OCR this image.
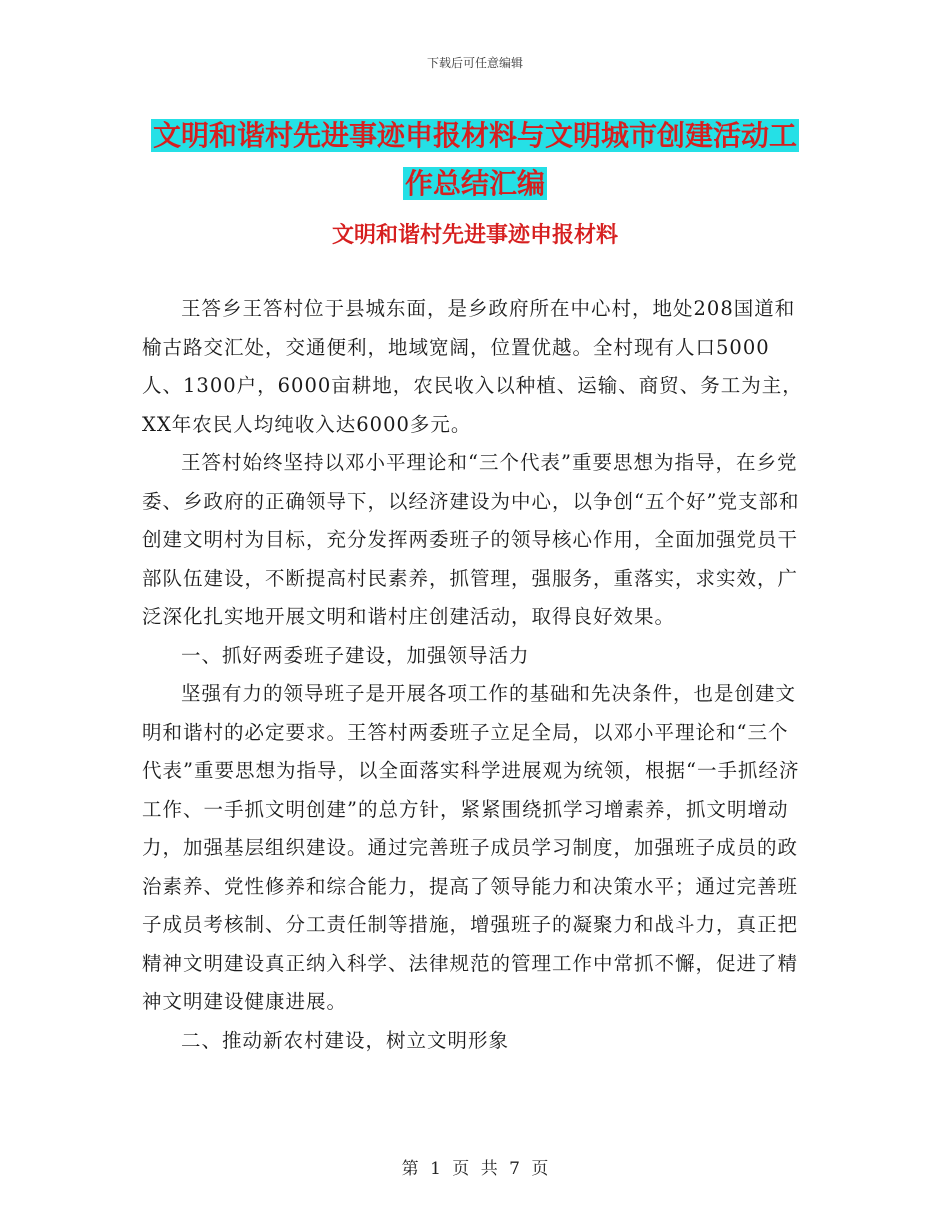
下载后可任意编辑
文明和谐村先进事迹申报材料与文明城市创建活动工
作总结汇编
文明和谐村先进事迹申报材料

王答乡王答村位于县城东面，是乡政府所在中心村，地处208国道和榆古路交汇处，交通便利，地域宽阔，位置优越。全村现有人口5000人、1300户，6000亩耕地，农民收入以种植、运输、商贸、务工为主，XX年农民人均纯收入达6000多元。

王答村始终坚持以邓小平理论和“三个代表”重要思想为指导，在乡党委、乡政府的正确领导下，以经济建设为中心，以争创“五个好”党支部和创建文明村为目标，充分发挥两委班子的领导核心作用，全面加强党员干部队伍建设，不断提高村民素养，抓管理，强服务，重落实，求实效，广泛深化扎实地开展文明和谐村庄创建活动，取得良好效果。

一、抓好两委班子建设，加强领导活力

坚强有力的领导班子是开展各项工作的基础和先决条件，也是创建文明和谐村的必定要求。王答村两委班子立足全局，以邓小平理论和“三个代表”重要思想为指导，以全面落实科学进展观为统领，根据“一手抓经济工作、一手抓文明创建”的总方针，紧紧围绕抓学习增素养，抓文明增动力，加强基层组织建设。通过完善班子成员学习制度，加强班子成员的政治素养、党性修养和综合能力，提高了领导能力和决策水平；通过完善班子成员考核制、分工责任制等措施，增强班子的凝聚力和战斗力，真正把精神文明建设真正纳入科学、法律规范的管理工作中常抓不懈，促进了精神文明建设健康进展。

二、推动新农村建设，树立文明形象

第 1 页 共 7 页
